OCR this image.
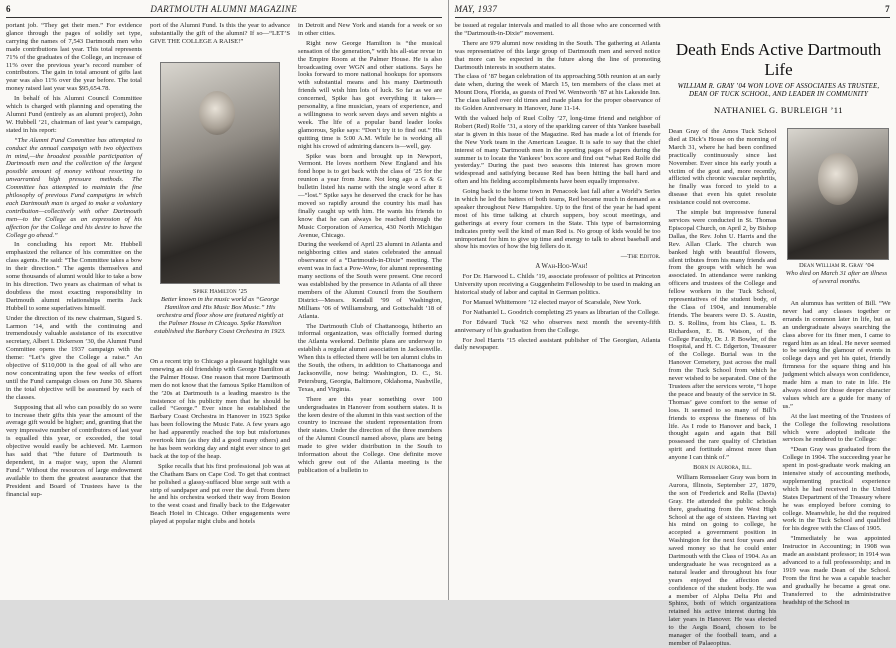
6	DARTMOUTH ALUMNI MAGAZINE

portant job. “They get their men.” For evidence glance through the pages of solidly set type, carrying the names of 7,543 Dartmouth men who made contributions last year. This total represents 71% of the graduates of the College, an increase of 11% over the previous year’s record number of contributors. The gain in total amount of gifts last year was also 11% over the year before. The total money raised last year was $95,654.78.

In behalf of his Alumni Council Committee which is charged with planning and operating the Alumni Fund (entirely as an alumni project), John W. Hubbell ’21, chairman of last year’s campaign, stated in his report:

“The Alumni Fund Committee has attempted to conduct the annual campaign with two objectives in mind,—the broadest possible participation of Dartmouth men and the collection of the largest possible amount of money without resorting to unwarranted high pressure methods. The Committee has attempted to maintain the fine philosophy of previous Fund campaigns in which each Dartmouth man is urged to make a voluntary contribution—collectively with other Dartmouth men—to the College as an expression of his affection for the College and his desire to have the College go ahead.”

In concluding his report Mr. Hubbell emphasized the reliance of his committee on the class agents. He said: “The Committee takes a bow in their direction.” The agents themselves and some thousands of alumni would like to take a bow in his direction. Two years as chairman of what is doubtless the most exacting responsibility in Dartmouth alumni relationships merits Jack Hubbell to some superlatives himself.

Under the direction of its new chairman, Sigurd S. Larmon ’14, and with the continuing and tremendously valuable assistance of its executive secretary, Albert I. Dickerson ’30, the Alumni Fund Committee opens the 1937 campaign with the theme: “Let’s give the College a raise.” An objective of $110,000 is the goal of all who are now concentrating upon the few weeks of effort until the Fund campaign closes on June 30. Shares in the total objective will be assumed by each of the classes.

Supposing that all who can possibly do so were to increase their gifts this year the amount of the average gift would be higher; and, granting that the very impressive number of contributors of last year is equalled this year, or exceeded, the total objective would easily be achieved. Mr. Larmon has said that “the future of Dartmouth is dependent, in a major way, upon the Alumni Fund.” Without the resources of large endowment available to them the greatest assurance that the President and Board of Trustees have is the financial sup-

port of the Alumni Fund. Is this the year to advance substantially the gift of the alumni? If so—“LET’S GIVE THE COLLEGE A RAISE!”

Spike Hamilton ’25
Better known in the music world as “George Hamilton and His Music Box Music.” His orchestra and floor show are featured nightly at the Palmer House in Chicago. Spike Hamilton established the Barbary Coast Orchestra in 1923.

On a recent trip to Chicago a pleasant highlight was renewing an old friendship with George Hamilton at the Palmer House. One reason that more Dartmouth men do not know that the famous Spike Hamilton of the ’20s at Dartmouth is a leading maestro is the insistence of his publicity men that he should be called “George.” Ever since he established the Barbary Coast Orchestra in Hanover in 1923 Spike has been following the Music Fate. A few years ago he had apparently reached the top but misfortunes overtook him (as they did a good many others) and he has been working day and night ever since to get back at the top of the heap.

Spike recalls that his first professional job was at the Chatham Bars on Cape Cod. To get that contract he polished a glassy-suffaced blue serge suit with a strip of sandpaper and put over the deal. From there he and his orchestra worked their way from Boston to the west coast and finally back to the Edgewater Beach Hotel in Chicago. Other engagements were played at popular night clubs and hotels

in Detroit and New York and stands for a week or so in other cities.

Right now George Hamilton is “the musical sensation of the generation,” with his all-star revue in the Empire Room at the Palmer House. He is also broadcasting over WGN and other stations. Says he looks forward to more national hookups for sponsors with substantial means and his many Dartmouth friends will wish him lots of luck. So far as we are concerned, Spike has got everything it takes—personality, a fine musician, years of experience, and a willingness to work seven days and seven nights a week. The life of a popular band leader looks glamorous, Spike says: “Don’t try it to find out.” His quitting time is 5:00 A.M. While he is working all night his crowd of admiring dancers is—well, gay.

Spike was born and brought up in Newport, Vermont. He loves northern New England and his fond hope is to get back with the class of ’25 for the reunion a year from June. Not long ago a G & G bulletin listed his name with the single word after it—“lost.” Spike says he deserved the crack for he has moved so rapidly around the country his mail has finally caught up with him. He wants his friends to know that he can always be reached through the Music Corporation of America, 430 North Michigan Avenue, Chicago.

During the weekend of April 23 alumni in Atlanta and neighboring cities and states celebrated the annual observance of a “Dartmouth-in-Dixie” meeting. The event was in fact a Pow-Wow, for alumni representing many sections of the South were present. One record was established by the presence in Atlanta of all three members of the Alumni Council from the Southern District—Messrs. Kendall ’99 of Washington, Millians ’06 of Williamsburg, and Gottschaldt ’18 of Atlanta.

The Dartmouth Club of Chattanooga, hitherto an informal organization, was officially formed during the Atlanta weekend. Definite plans are underway to establish a regular alumni association in Jacksonville. When this is effected there will be ten alumni clubs in the South, the others, in addition to Chattanooga and Jacksonville, now being: Washington, D. C., St. Petersburg, Georgia, Baltimore, Oklahoma, Nashville, Texas, and Virginia.

There are this year something over 100 undergraduates in Hanover from southern states. It is the keen desire of the alumni in this vast section of the country to increase the student representation from their states. Under the direction of the three members of the Alumni Council named above, plans are being made to give wider distribution in the South to information about the College. One definite move which grew out of the Atlanta meeting is the publication of a bulletin to

MAY, 1937	7

be issued at regular intervals and mailed to all those who are concerned with the “Dartmouth-in-Dixie” movement.

There are 979 alumni now residing in the South. The gathering at Atlanta was representative of this large group of Dartmouth men and served notice that more can be expected in the future along the line of promoting Dartmouth interests in southern states.

The class of ’87 began celebration of its approaching 50th reunion at an early date when, during the week of March 15, ten members of the class met at Mount Dora, Florida, as guests of Fred W. Wentworth ’87 at his Lakeside Inn. The class talked over old times and made plans for the proper observance of its Golden Anniversary in Hanover, June 11-14.

With the valued help of Ruel Colby ’27, long-time friend and neighbor of Robert (Red) Rolfe ’31, a story of the sparkling career of this Yankee baseball star is given in this issue of the Magazine. Red has made a lot of friends for the New York team in the American League. It is safe to say that the chief interest of many Dartmouth men in the sporting pages of papers during the summer is to locate the Yankees’ box score and find out “what Red Rolfe did yesterday.” During the past two seasons this interest has grown more widespread and satisfying because Red has been hitting the ball hard and often and his fielding accomplishments have been equally impressive.

Going back to the home town in Penacook last fall after a World’s Series in which he led the batters of both teams, Red became much in demand as a speaker throughout New Hampshire. Up to the first of the year he had spent most of his time talking at church suppers, boy scout meetings, and gatherings at every four corners in the State. This type of barnstorming indicates pretty well the kind of man Red is. No group of kids would be too unimportant for him to give up time and energy to talk to about baseball and show his movies of how the big fellers do it.

—The Editor.

A Wah-Hoo-Wah!

For Dr. Harwood L. Childs ’19, associate professor of politics at Princeton University upon receiving a Guggenheim Fellowship to be used in making an historical study of labor and capital in German politics.

For Manuel Whittemore ’12 elected mayor of Scarsdale, New York.

For Nathaniel L. Goodrich completing 25 years as librarian of the College.

For Edward Tuck ’62 who observes next month the seventy-fifth anniversary of his graduation from the College.

For Joel Harris ’15 elected assistant publisher of The Georgian, Atlanta daily newspaper.

Death Ends Active Dartmouth Life
WILLIAM R. GRAY ’04 WON LOVE OF ASSOCIATES AS TRUSTEE, DEAN OF TUCK SCHOOL, AND LEADER IN COMMUNITY
NATHANIEL G. BURLEIGH ’11

Dean Gray of the Amos Tuck School died at Dick’s House on the morning of March 31, where he had been confined practically continuously since last November. Ever since his early youth a victim of the gout and, more recently, afflicted with chronic vascular nephritis, he finally was forced to yield to a disease that even his quiet resolute resistance could not overcome.

The simple but impressive funeral services were conducted in St. Thomas Episcopal Church, on April 2, by Bishop Dallas, the Rev. John U. Harris and the Rev. Allan Clark. The church was banked high with beautiful flowers, silent tributes from his many friends and from the groups with which he was associated. In attendance were ranking officers and trustees of the College and fellow workers in the Tuck School, representatives of the student body, of the Class of 1904, and innumerable friends. The bearers were D. S. Austin, D. S. Rollins, from his Class, L. B. Richardson, E. B. Watson, of the College Faculty, Dr. J. P. Bowler, of the Hospital, and H. C. Edgerton, Treasurer of the College. Burial was in the Hanover Cemetery, just across the mall from the Tuck School from which he never wished to be separated. One of the Trustees after the services wrote, “I hope the peace and beauty of the service in St. Thomas’ gave comfort to the sense of loss. It seemed to so many of Bill’s friends to express the fineness of his life. As I rode to Hanover and back, I thought again and again that Bill possessed the rare quality of Christian spirit and fortitude almost more than anyone I can think of.”

Born in Aurora, Ill.

William Rensselaer Gray was born in Aurora, Illinois, September 27, 1879, the son of Frederick and Rella (Davis) Gray. He attended the public schools there, graduating from the West High School at the age of sixteen. Having set his mind on going to college, he accepted a government position in Washington for the next four years and saved money so that he could enter Dartmouth with the Class of 1904. As an undergraduate he was recognized as a natural leader and throughout his four years enjoyed the affection and confidence of the student body. He was a member of Alpha Delta Phi and Sphinx, both of which organizations retained his active interest during his later years in Hanover. He was elected to the Aegis Board, chosen to be manager of the football team, and a member of Palaeopitus.

Dean William R. Gray ’04
Who died on March 31 after an illness of several months.

An alumnus has written of Bill. “We never had any classes together or errands in common later in life, but as an undergraduate always searching the class above for its finer men, I came to regard him as an ideal. He never seemed to be seeking the glamour of events in college days and yet his quiet, friendly firmness for the square thing and his judgment which always won confidence, made him a man to rate in life. He always stood for those deeper character values which are a guide for many of us.”

At the last meeting of the Trustees of the College the following resolutions which were adopted indicate the services he rendered to the College:

“Dean Gray was graduated from the College in 1904. The succeeding year he spent in post-graduate work making an intensive study of accounting methods, supplementing practical experience which he had received in the United States Department of the Treasury where he was employed before coming to college. Meanwhile, he did the required work in the Tuck School and qualified for his degree with the Class of 1905.

“Immediately he was appointed Instructor in Accounting; in 1908 was made an assistant professor; in 1914 was advanced to a full professorship; and in 1919 was made Dean of the School. From the first he was a capable teacher and gradually he became a great one. Transferred to the administrative headship of the School in
